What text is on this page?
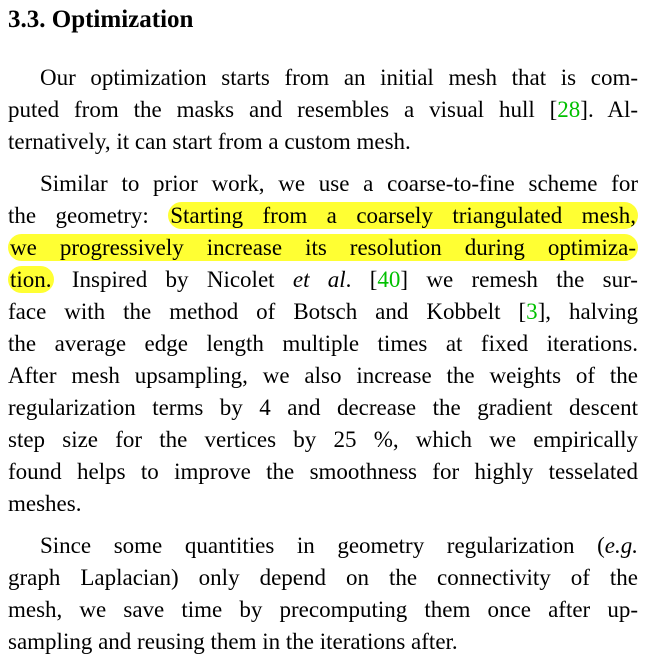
3.3. Optimization
Our optimization starts from an initial mesh that is com-
puted from the masks and resembles a visual hull [28]. Al-
ternatively, it can start from a custom mesh.
Similar to prior work, we use a coarse-to-fine scheme for
the geometry: Starting from a coarsely triangulated mesh,
we progressively increase its resolution during optimiza-
tion. Inspired by Nicolet et al. [40] we remesh the sur-
face with the method of Botsch and Kobbelt [3], halving
the average edge length multiple times at fixed iterations.
After mesh upsampling, we also increase the weights of the
regularization terms by 4 and decrease the gradient descent
step size for the vertices by 25 %, which we empirically
found helps to improve the smoothness for highly tesselated
meshes.
Since some quantities in geometry regularization (e.g.
graph Laplacian) only depend on the connectivity of the
mesh, we save time by precomputing them once after up-
sampling and reusing them in the iterations after.
